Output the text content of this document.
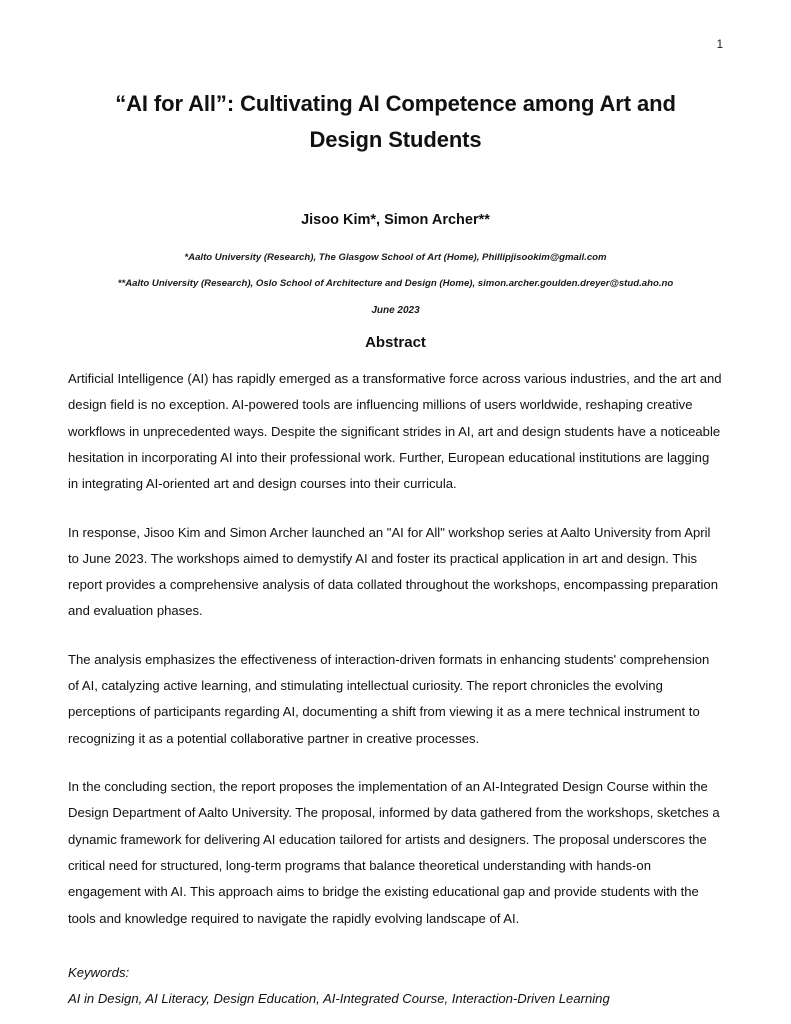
1
“AI for All”: Cultivating AI Competence among Art and Design Students
Jisoo Kim*, Simon Archer**
*Aalto University (Research), The Glasgow School of Art (Home), Phillipjisookim@gmail.com
**Aalto University (Research), Oslo School of Architecture and Design (Home), simon.archer.goulden.dreyer@stud.aho.no
June 2023
Abstract

Artificial Intelligence (AI) has rapidly emerged as a transformative force across various industries, and the art and design field is no exception. AI-powered tools are influencing millions of users worldwide, reshaping creative workflows in unprecedented ways. Despite the significant strides in AI, art and design students have a noticeable hesitation in incorporating AI into their professional work. Further, European educational institutions are lagging in integrating AI-oriented art and design courses into their curricula.

In response, Jisoo Kim and Simon Archer launched an "AI for All" workshop series at Aalto University from April to June 2023. The workshops aimed to demystify AI and foster its practical application in art and design. This report provides a comprehensive analysis of data collated throughout the workshops, encompassing preparation and evaluation phases.

The analysis emphasizes the effectiveness of interaction-driven formats in enhancing students' comprehension of AI, catalyzing active learning, and stimulating intellectual curiosity. The report chronicles the evolving perceptions of participants regarding AI, documenting a shift from viewing it as a mere technical instrument to recognizing it as a potential collaborative partner in creative processes.

In the concluding section, the report proposes the implementation of an AI-Integrated Design Course within the Design Department of Aalto University. The proposal, informed by data gathered from the workshops, sketches a dynamic framework for delivering AI education tailored for artists and designers. The proposal underscores the critical need for structured, long-term programs that balance theoretical understanding with hands-on engagement with AI. This approach aims to bridge the existing educational gap and provide students with the tools and knowledge required to navigate the rapidly evolving landscape of AI.

Keywords:
AI in Design, AI Literacy, Design Education, AI-Integrated Course, Interaction-Driven Learning
